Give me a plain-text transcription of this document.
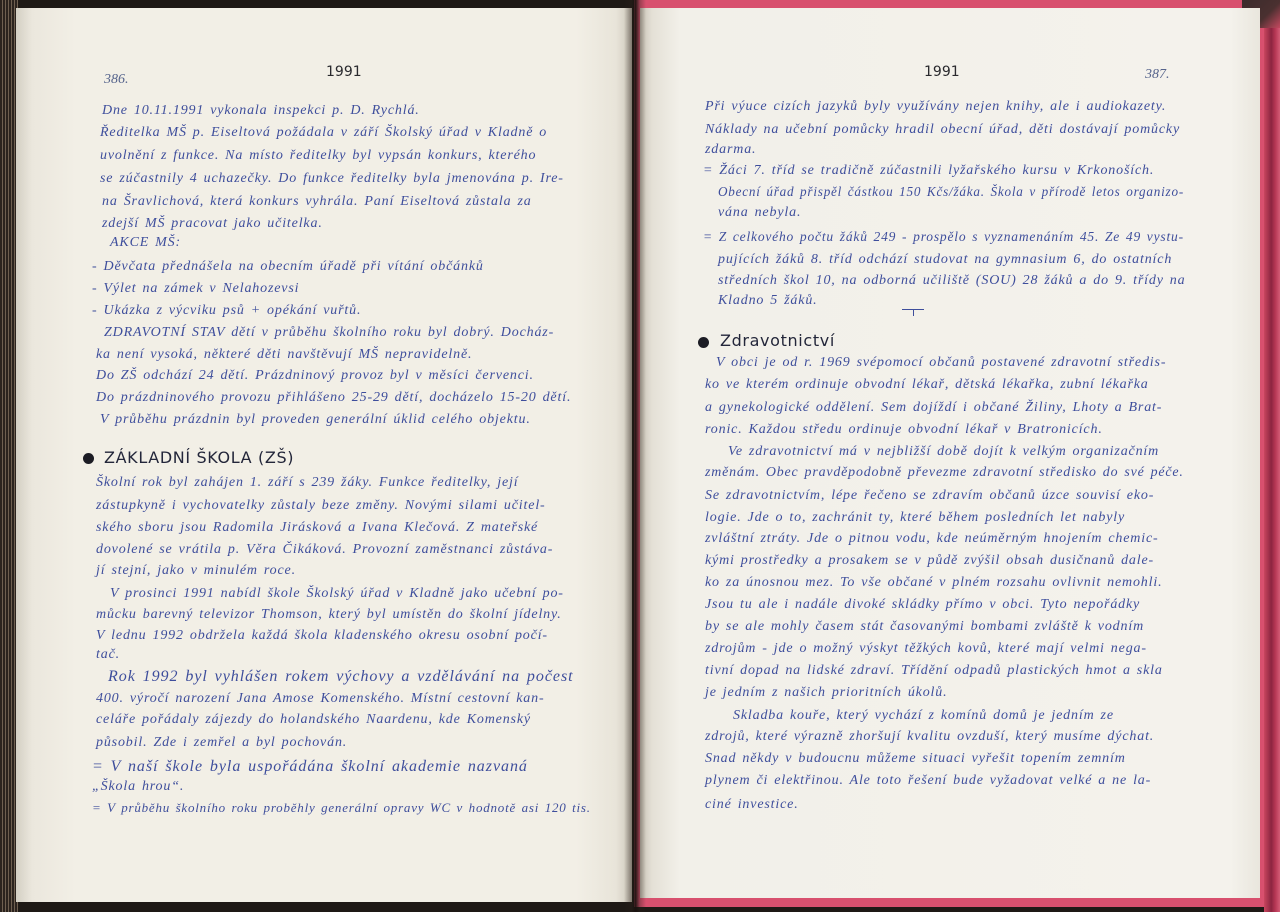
386.	1991
Dne 10.11.1991 vykonala inspekci p. D. Rychlá.
Ředitelka MŠ p. Eiseltová požádala v září Školský úřad v Kladně o
uvolnění z funkce. Na místo ředitelky byl vypsán konkurs, kterého
se zúčastnily 4 uchazečky. Do funkce ředitelky byla jmenována p. Ire-
na Šravlichová, která konkurs vyhrála. Paní Eiseltová zůstala za
zdejší MŠ pracovat jako učitelka.
AKCE MŠ:
- Děvčata přednášela na obecním úřadě při vítání občánků
- Výlet na zámek v Nelahozevsi
- Ukázka z výcviku psů + opékání vuřtů.
ZDRAVOTNÍ STAV dětí v průběhu školního roku byl dobrý. Docház-
ka není vysoká, některé děti navštěvují MŠ nepravidelně.
Do ZŠ odchází 24 dětí. Prázdninový provoz byl v měsíci červenci.
Do prázdninového provozu přihlášeno 25-29 dětí, docházelo 15-20 dětí.
V průběhu prázdnin byl proveden generální úklid celého objektu.
ZÁKLADNÍ ŠKOLA (ZŠ)
Školní rok byl zahájen 1. září s 239 žáky. Funkce ředitelky, její
zástupkyně i vychovatelky zůstaly beze změny. Novými silami učitel-
ského sboru jsou Radomila Jirásková a Ivana Klečová. Z mateřské
dovolené se vrátila p. Věra Čikáková. Provozní zaměstnanci zůstáva-
jí stejní, jako v minulém roce.
V prosinci 1991 nabídl škole Školský úřad v Kladně jako učební po-
můcku barevný televizor Thomson, který byl umístěn do školní jídelny.
V lednu 1992 obdržela každá škola kladenského okresu osobní počí-
tač.
Rok 1992 byl vyhlášen rokem výchovy a vzdělávání na počest
400. výročí narození Jana Amose Komenského. Místní cestovní kan-
celáře pořádaly zájezdy do holandského Naardenu, kde Komenský
působil. Zde i zemřel a byl pochován.
= V naší škole byla uspořádána školní akademie nazvaná
„Škola hrou“.
= V průběhu školního roku proběhly generální opravy WC v hodnotě asi 120 tis.
1991	387.
Při výuce cizích jazyků byly využívány nejen knihy, ale i audiokazety.
Náklady na učební pomůcky hradil obecní úřad, děti dostávají pomůcky
zdarma.
= Žáci 7. tříd se tradičně zúčastnili lyžařského kursu v Krkonoších.
Obecní úřad přispěl částkou 150 Kčs/žáka. Škola v přírodě letos organizo-
vána nebyla.
= Z celkového počtu žáků 249 - prospělo s vyznamenáním 45. Ze 49 vystu-
pujících žáků 8. tříd odchází studovat na gymnasium 6, do ostatních
středních škol 10, na odborná učiliště (SOU) 28 žáků a do 9. třídy na
Kladno 5 žáků.
Zdravotnictví
V obci je od r. 1969 svépomocí občanů postavené zdravotní středis-
ko ve kterém ordinuje obvodní lékař, dětská lékařka, zubní lékařka
a gynekologické oddělení. Sem dojíždí i občané Žiliny, Lhoty a Brat-
ronic. Každou středu ordinuje obvodní lékař v Bratronicích.
Ve zdravotnictví má v nejbližší době dojít k velkým organizačním
změnám. Obec pravděpodobně převezme zdravotní středisko do své péče.
Se zdravotnictvím, lépe řečeno se zdravím občanů úzce souvisí eko-
logie. Jde o to, zachránit ty, které během posledních let nabyly
zvláštní ztráty. Jde o pitnou vodu, kde neúměrným hnojením chemic-
kými prostředky a prosakem se v půdě zvýšil obsah dusičnanů dale-
ko za únosnou mez. To vše občané v plném rozsahu ovlivnit nemohli.
Jsou tu ale i nadále divoké skládky přímo v obci. Tyto nepořádky
by se ale mohly časem stát časovanými bombami zvláště k vodním
zdrojům - jde o možný výskyt těžkých kovů, které mají velmi nega-
tivní dopad na lidské zdraví. Třídění odpadů plastických hmot a skla
je jedním z našich prioritních úkolů.
Skladba kouře, který vychází z komínů domů je jedním ze
zdrojů, které výrazně zhoršují kvalitu ovzduší, který musíme dýchat.
Snad někdy v budoucnu můžeme situaci vyřešit topením zemním
plynem či elektřinou. Ale toto řešení bude vyžadovat velké a ne la-
ciné investice.
